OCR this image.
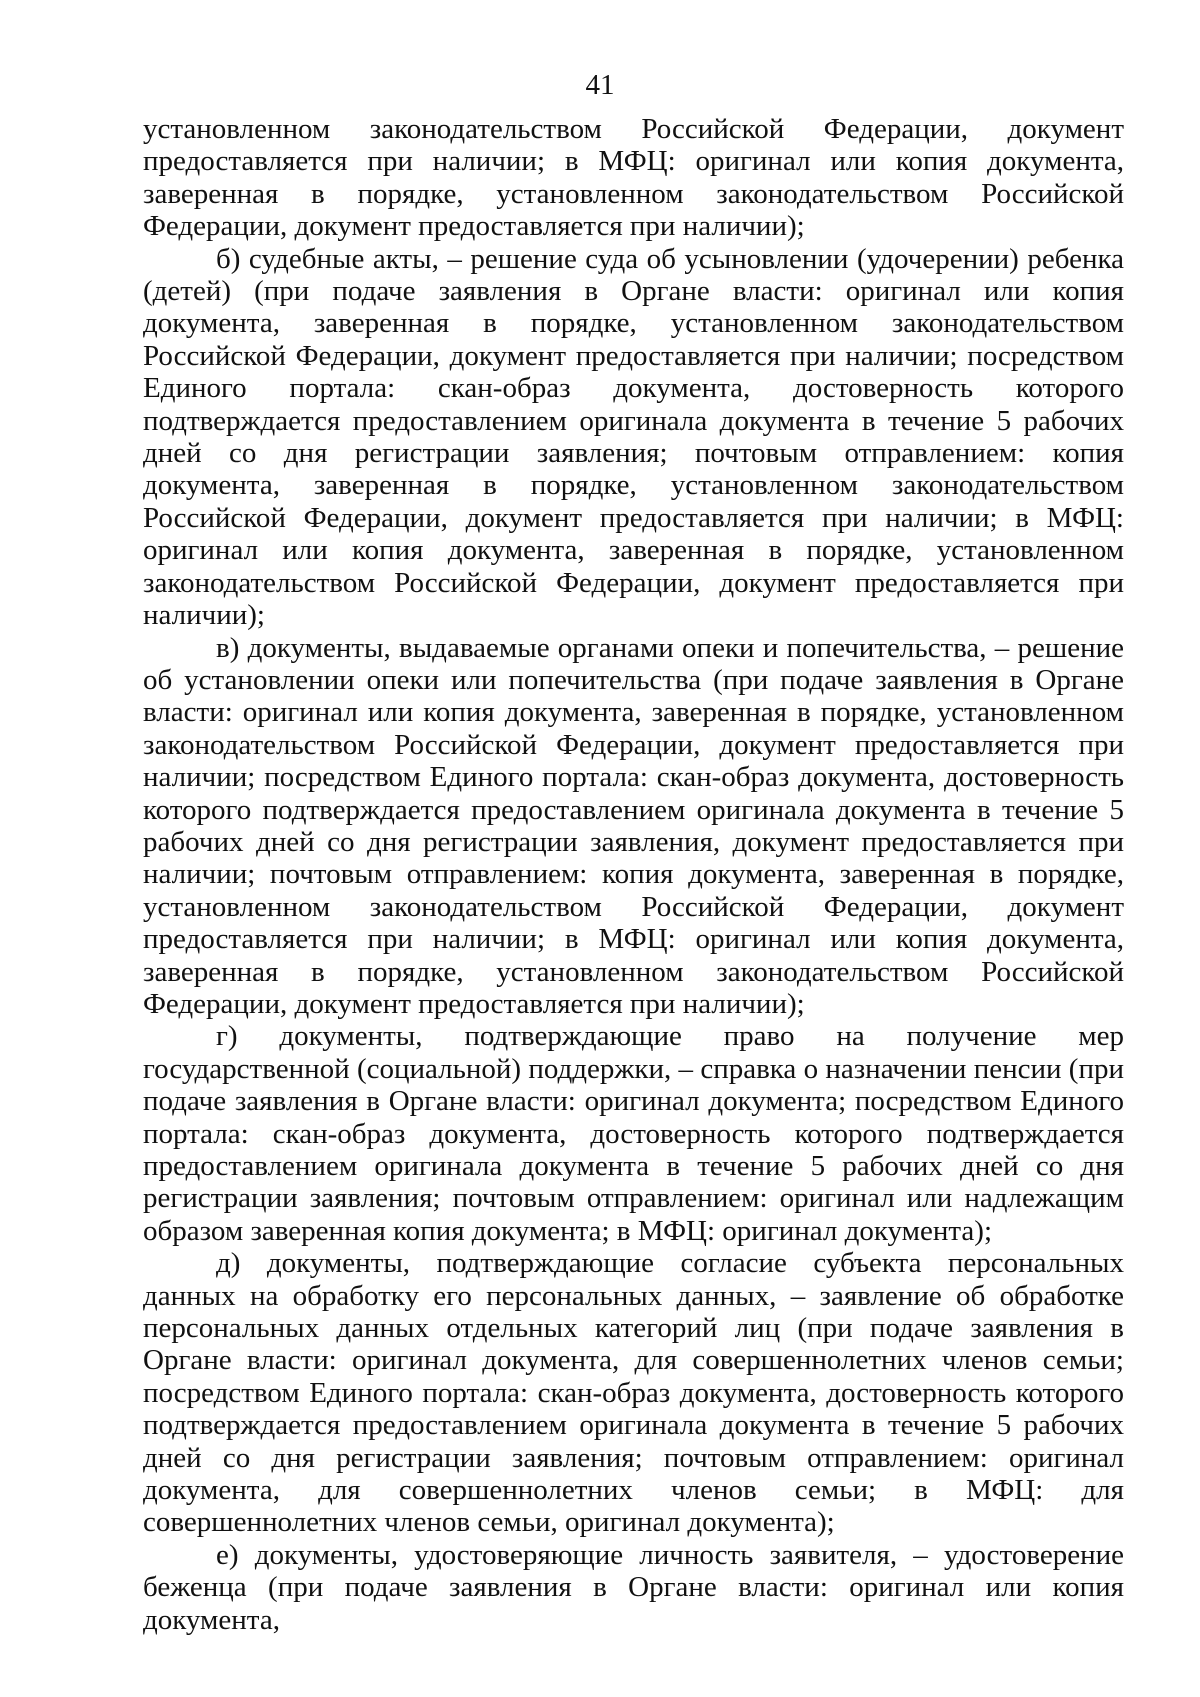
41

установленном законодательством Российской Федерации, документ предоставляется при наличии; в МФЦ: оригинал или копия документа, заверенная в порядке, установленном законодательством Российской Федерации, документ предоставляется при наличии);

б) судебные акты, – решение суда об усыновлении (удочерении) ребенка (детей) (при подаче заявления в Органе власти: оригинал или копия документа, заверенная в порядке, установленном законодательством Российской Федерации, документ предоставляется при наличии; посредством Единого портала: скан-образ документа, достоверность которого подтверждается предоставлением оригинала документа в течение 5 рабочих дней со дня регистрации заявления; почтовым отправлением: копия документа, заверенная в порядке, установленном законодательством Российской Федерации, документ предоставляется при наличии; в МФЦ: оригинал или копия документа, заверенная в порядке, установленном законодательством Российской Федерации, документ предоставляется при наличии);

в) документы, выдаваемые органами опеки и попечительства, – решение об установлении опеки или попечительства (при подаче заявления в Органе власти: оригинал или копия документа, заверенная в порядке, установленном законодательством Российской Федерации, документ предоставляется при наличии; посредством Единого портала: скан-образ документа, достоверность которого подтверждается предоставлением оригинала документа в течение 5 рабочих дней со дня регистрации заявления, документ предоставляется при наличии; почтовым отправлением: копия документа, заверенная в порядке, установленном законодательством Российской Федерации, документ предоставляется при наличии; в МФЦ: оригинал или копия документа, заверенная в порядке, установленном законодательством Российской Федерации, документ предоставляется при наличии);

г) документы, подтверждающие право на получение мер государственной (социальной) поддержки, – справка о назначении пенсии (при подаче заявления в Органе власти: оригинал документа; посредством Единого портала: скан-образ документа, достоверность которого подтверждается предоставлением оригинала документа в течение 5 рабочих дней со дня регистрации заявления; почтовым отправлением: оригинал или надлежащим образом заверенная копия документа; в МФЦ: оригинал документа);

д) документы, подтверждающие согласие субъекта персональных данных на обработку его персональных данных, – заявление об обработке персональных данных отдельных категорий лиц (при подаче заявления в Органе власти: оригинал документа, для совершеннолетних членов семьи; посредством Единого портала: скан-образ документа, достоверность которого подтверждается предоставлением оригинала документа в течение 5 рабочих дней со дня регистрации заявления; почтовым отправлением: оригинал документа, для совершеннолетних членов семьи; в МФЦ: для совершеннолетних членов семьи, оригинал документа);

е) документы, удостоверяющие личность заявителя, – удостоверение беженца (при подаче заявления в Органе власти: оригинал или копия документа,
